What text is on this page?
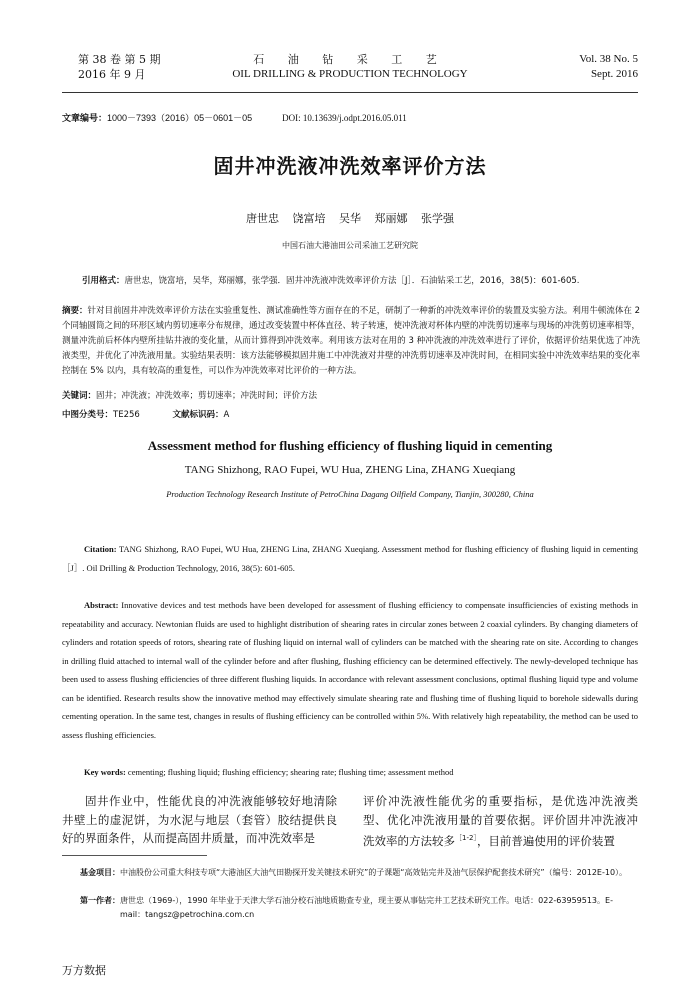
第 38 卷 第 5 期
2016 年 9 月
石 油 钻 采 工 艺
OIL DRILLING & PRODUCTION TECHNOLOGY
Vol. 38 No. 5
Sept. 2016
文章编号：1000－7393（2016）05－0601－05	DOI: 10.13639/j.odpt.2016.05.011
固井冲洗液冲洗效率评价方法
唐世忠 饶富培 吴华 郑丽娜 张学强
中国石油大港油田公司采油工艺研究院
引用格式：唐世忠，饶富培，吴华，郑丽娜，张学强．固井冲洗液冲洗效率评价方法［J］．石油钻采工艺，2016，38(5)：601-605.
摘要：针对目前固井冲洗效率评价方法在实验重复性、测试准确性等方面存在的不足，研制了一种新的冲洗效率评价的装置及实验方法。利用牛顿流体在 2 个同轴圆筒之间的环形区域内剪切速率分布规律，通过改变装置中杯体直径、转子转速，使冲洗液对杯体内壁的冲洗剪切速率与现场的冲洗剪切速率相等，测量冲洗前后杯体内壁所挂钻井液的变化量，从而计算得到冲洗效率。利用该方法对在用的 3 种冲洗液的冲洗效率进行了评价，依据评价结果优选了冲洗液类型，并优化了冲洗液用量。实验结果表明：该方法能够模拟固井施工中冲洗液对井壁的冲洗剪切速率及冲洗时间，在相同实验中冲洗效率结果的变化率控制在 5% 以内，具有较高的重复性，可以作为冲洗效率对比评价的一种方法。
关键词：固井；冲洗液；冲洗效率；剪切速率；冲洗时间；评价方法
中图分类号：TE256	文献标识码：A
Assessment method for flushing efficiency of flushing liquid in cementing
TANG Shizhong, RAO Fupei, WU Hua, ZHENG Lina, ZHANG Xueqiang
Production Technology Research Institute of PetroChina Dagang Oilfield Company, Tianjin, 300280, China
Citation: TANG Shizhong, RAO Fupei, WU Hua, ZHENG Lina, ZHANG Xueqiang. Assessment method for flushing efficiency of flushing liquid in cementing［J］. Oil Drilling & Production Technology, 2016, 38(5): 601-605.
Abstract: Innovative devices and test methods have been developed for assessment of flushing efficiency to compensate insufficiencies of existing methods in repeatability and accuracy. Newtonian fluids are used to highlight distribution of shearing rates in circular zones between 2 coaxial cylinders. By changing diameters of cylinders and rotation speeds of rotors, shearing rate of flushing liquid on internal wall of cylinders can be matched with the shearing rate on site. According to changes in drilling fluid attached to internal wall of the cylinder before and after flushing, flushing efficiency can be determined effectively. The newly-developed technique has been used to assess flushing efficiencies of three different flushing liquids. In accordance with relevant assessment conclusions, optimal flushing liquid type and volume can be identified. Research results show the innovative method may effectively simulate shearing rate and flushing time of flushing liquid to borehole sidewalls during cementing operation. In the same test, changes in results of flushing efficiency can be controlled within 5%. With relatively high repeatability, the method can be used to assess flushing efficiencies.
Key words: cementing; flushing liquid; flushing efficiency; shearing rate; flushing time; assessment method
固井作业中，性能优良的冲洗液能够较好地清除井壁上的虚泥饼，为水泥与地层（套管）胶结提供良好的界面条件，从而提高固井质量，而冲洗效率是
评价冲洗液性能优劣的重要指标，是优选冲洗液类型、优化冲洗液用量的首要依据。评价固井冲洗液冲洗效率的方法较多$^{[1-2]}$，目前普遍使用的评价装置
基金项目：中油股份公司重大科技专项“大港油区大油气田勘探开发关键技术研究”的子课题“高效钻完井及油气层保护配套技术研究”（编号：2012E-10）。
第一作者：唐世忠（1969-），1990 年毕业于天津大学石油分校石油地质勘查专业，现主要从事钻完井工艺技术研究工作。电话：022-63959513。E-mail：tangsz@petrochina.com.cn
万方数据
